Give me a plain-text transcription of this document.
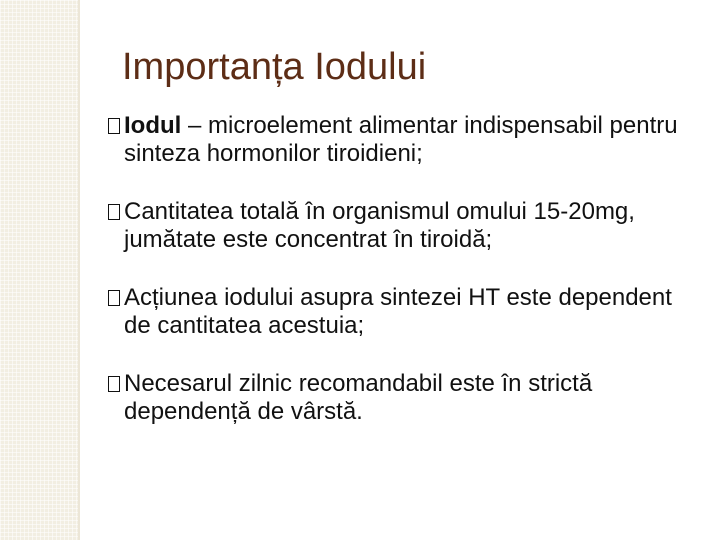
Importanța Iodului
Iodul – microelement alimentar indispensabil pentru sinteza hormonilor tiroidieni;
Cantitatea totală în organismul omului 15-20mg, jumătate este concentrat în tiroidă;
Acțiunea iodului asupra sintezei HT este dependent de cantitatea acestuia;
Necesarul zilnic recomandabil este în strictă dependență de vârstă.
